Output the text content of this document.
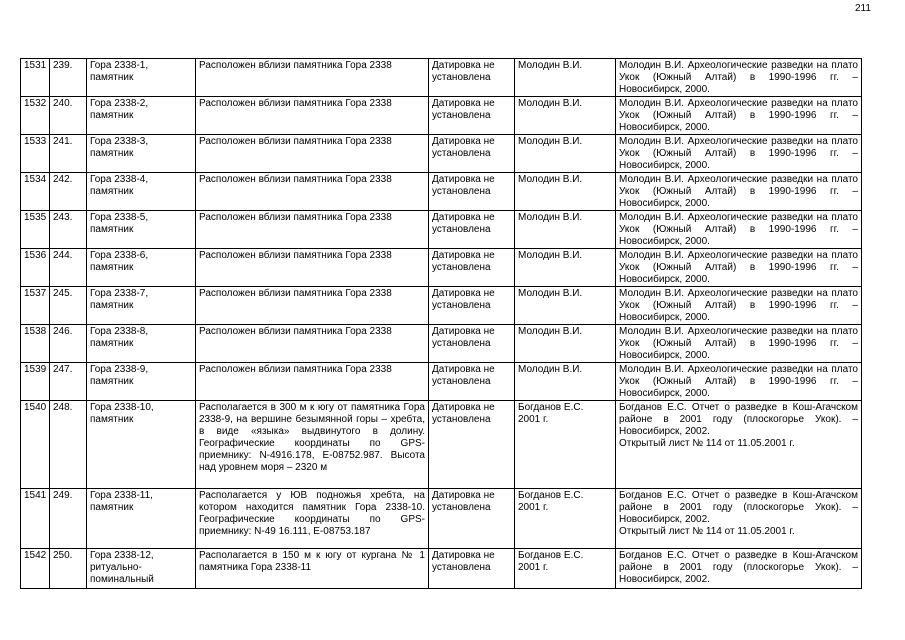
211
1531	239.	Гора 2338-1,
памятник	Расположен вблизи памятника Гора 2338	Датировка не
установлена	Молодин В.И.	Молодин В.И. Археологические разведки на плато Укок (Южный Алтай) в 1990-1996 гг. – Новосибирск, 2000.
1532	240.	Гора 2338-2,
памятник	Расположен вблизи памятника Гора 2338	Датировка не
установлена	Молодин В.И.	Молодин В.И. Археологические разведки на плато Укок (Южный Алтай) в 1990-1996 гг. – Новосибирск, 2000.
1533	241.	Гора 2338-3,
памятник	Расположен вблизи памятника Гора 2338	Датировка не
установлена	Молодин В.И.	Молодин В.И. Археологические разведки на плато Укок (Южный Алтай) в 1990-1996 гг. – Новосибирск, 2000.
1534	242.	Гора 2338-4,
памятник	Расположен вблизи памятника Гора 2338	Датировка не
установлена	Молодин В.И.	Молодин В.И. Археологические разведки на плато Укок (Южный Алтай) в 1990-1996 гг. – Новосибирск, 2000.
1535	243.	Гора 2338-5,
памятник	Расположен вблизи памятника Гора 2338	Датировка не
установлена	Молодин В.И.	Молодин В.И. Археологические разведки на плато Укок (Южный Алтай) в 1990-1996 гг. – Новосибирск, 2000.
1536	244.	Гора 2338-6,
памятник	Расположен вблизи памятника Гора 2338	Датировка не
установлена	Молодин В.И.	Молодин В.И. Археологические разведки на плато Укок (Южный Алтай) в 1990-1996 гг. – Новосибирск, 2000.
1537	245.	Гора 2338-7,
памятник	Расположен вблизи памятника Гора 2338	Датировка не
установлена	Молодин В.И.	Молодин В.И. Археологические разведки на плато Укок (Южный Алтай) в 1990-1996 гг. – Новосибирск, 2000.
1538	246.	Гора 2338-8,
памятник	Расположен вблизи памятника Гора 2338	Датировка не
установлена	Молодин В.И.	Молодин В.И. Археологические разведки на плато Укок (Южный Алтай) в 1990-1996 гг. – Новосибирск, 2000.
1539	247.	Гора 2338-9,
памятник	Расположен вблизи памятника Гора 2338	Датировка не
установлена	Молодин В.И.	Молодин В.И. Археологические разведки на плато Укок (Южный Алтай) в 1990-1996 гг. – Новосибирск, 2000.
1540	248.	Гора 2338-10,
памятник	Располагается в 300 м к югу от памятника Гора 2338-9, на вершине безымянной горы – хребта, в виде «языка» выдвинутого в долину. Географические координаты по GPS-приемнику: N-4916.178, E-08752.987. Высота над уровнем моря – 2320 м	Датировка не
установлена	Богданов Е.С.
2001 г.	Богданов Е.С. Отчет о разведке в Кош-Агачском районе в 2001 году (плоскогорье Укок). – Новосибирск, 2002.
Открытый лист № 114 от 11.05.2001 г.
1541	249.	Гора 2338-11,
памятник	Располагается у ЮВ подножья хребта, на котором находится памятник Гора 2338-10. Географические координаты по GPS-приемнику: N-49 16.111, E-08753.187	Датировка не
установлена	Богданов Е.С.
2001 г.	Богданов Е.С. Отчет о разведке в Кош-Агачском районе в 2001 году (плоскогорье Укок). – Новосибирск, 2002.
Открытый лист № 114 от 11.05.2001 г.
1542	250.	Гора 2338-12,
ритуально-
поминальный	Располагается в 150 м к югу от кургана № 1 памятника Гора 2338-11	Датировка не
установлена	Богданов Е.С.
2001 г.	Богданов Е.С. Отчет о разведке в Кош-Агачском районе в 2001 году (плоскогорье Укок). – Новосибирск, 2002.
